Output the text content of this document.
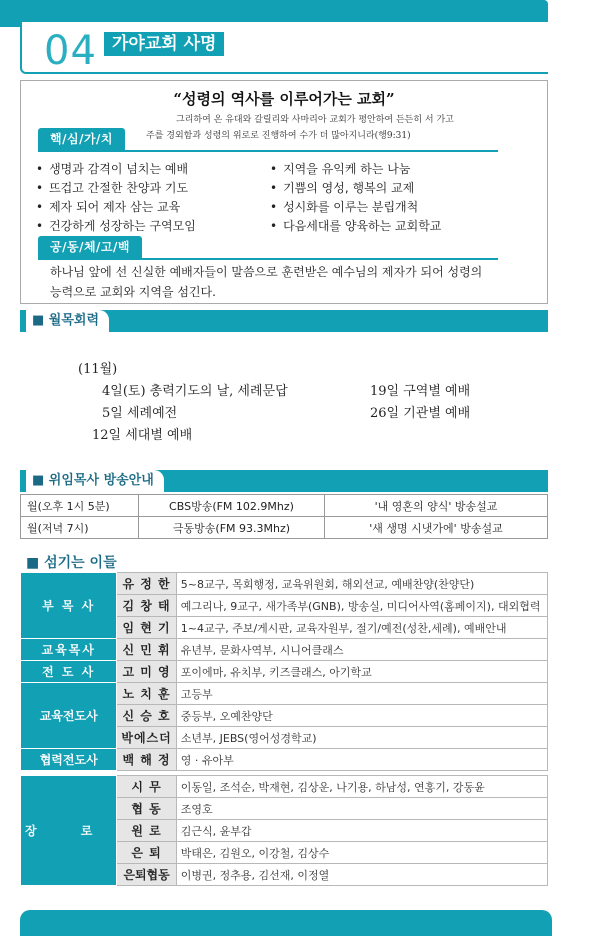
04 가야교회 사명
“성령의 역사를 이루어가는 교회”
그리하여 온 유대와 갈릴리와 사마리아 교회가 평안하여 든든히 서 가고
주를 경외함과 성령의 위로로 진행하여 수가 더 많아지니라(행9:31)
핵/심/가/치
• 생명과 감격이 넘치는 예배
• 뜨겁고 간절한 찬양과 기도
• 제자 되어 제자 삼는 교육
• 건강하게 성장하는 구역모임
• 지역을 유익케 하는 나눔
• 기쁨의 영성, 행복의 교제
• 성시화를 이루는 분립개척
• 다음세대를 양육하는 교회학교
공/동/체/고/백
하나님 앞에 선 신실한 예배자들이 말씀으로 훈련받은 예수님의 제자가 되어 성령의
능력으로 교회와 지역을 섬긴다.
■ 월목회력
(11월)
4일(토) 총력기도의 날, 세례문답	19일 구역별 예배
5일 세례예전	26일 기관별 예배
12일 세대별 예배
■ 위임목사 방송안내
월(오후 1시 5분)	CBS방송(FM 102.9Mhz)	'내 영혼의 양식' 방송설교
월(저녁 7시)	극동방송(FM 93.3Mhz)	'새 생명 시냇가에' 방송설교
■ 섬기는 이들
부 목 사	유 정 한	5~8교구, 목회행정, 교육위원회, 해외선교, 예배찬양(찬양단)
	김 창 태	예그리나, 9교구, 새가족부(GNB), 방송실, 미디어사역(홈페이지), 대외협력
	임 현 기	1~4교구, 주보/게시판, 교육자원부, 절기/예전(성찬,세례), 예배안내
교육목사	신 민 휘	유년부, 문화사역부, 시니어클래스
전 도 사	고 미 영	포이에마, 유치부, 키즈클래스, 아기학교
교육전도사	노 치 훈	고등부
	신 승 호	중등부, 오예찬양단
	박에스더	소년부, JEBS(영어성경학교)
협력전도사	백 해 정	영 · 유아부

장 로	시 무	이동일, 조석순, 박재현, 김상운, 나기용, 하남성, 연홍기, 강동윤
	협 동	조영호
	원 로	김근식, 윤부갑
	은 퇴	박태은, 김원오, 이강철, 김상수
	은퇴협동	이병권, 정추용, 김선재, 이정열
